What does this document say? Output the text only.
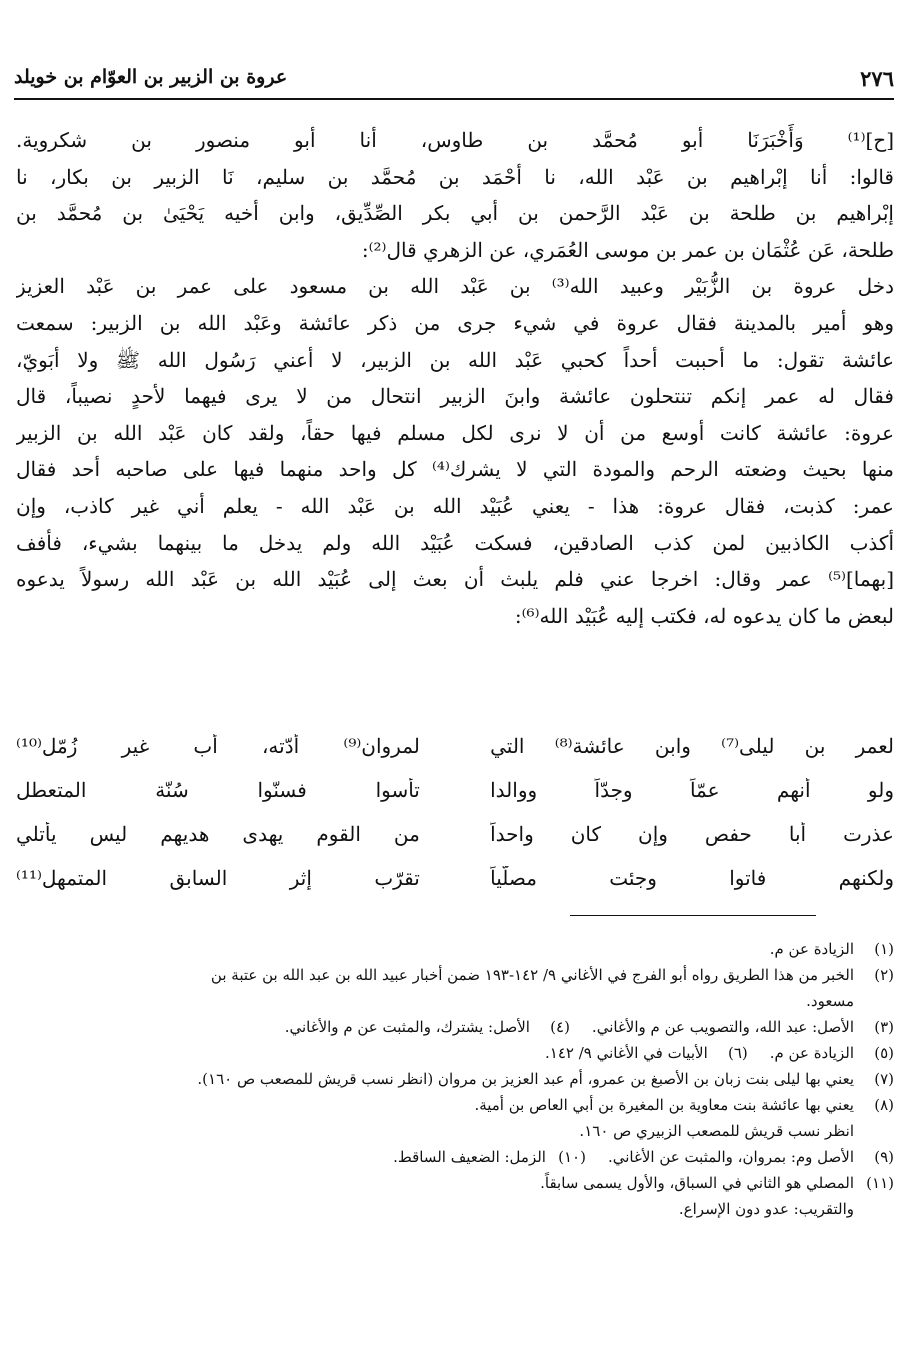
٢٧٦
عروة بن الزبير بن العوّام بن خويلد
[ح]⁽¹⁾ وَأَخْبَرَنَا أبو مُحمَّد بن طاوس، أنا أبو منصور بن شكروية.
قالوا: أنا إبْراهيم بن عَبْد الله، نا أحْمَد بن مُحمَّد بن سليم، نَا الزبير بن بكار، نا
إبْراهيم بن طلحة بن عَبْد الرَّحمن بن أبي بكر الصِّدِّيق، وابن أخيه يَحْيَىٰ بن مُحمَّد بن
طلحة، عَن عُثْمَان بن عمر بن موسى العُمَري، عن الزهري قال⁽²⁾:
دخل عروة بن الزُّبَيْر وعبيد الله⁽³⁾ بن عَبْد الله بن مسعود على عمر بن عَبْد العزيز
وهو أمير بالمدينة فقال عروة في شيء جرى من ذكر عائشة وعَبْد الله بن الزبير: سمعت
عائشة تقول: ما أحببت أحداً كحبي عَبْد الله بن الزبير، لا أعني رَسُول الله ﷺ ولا أبَويّ،
فقال له عمر إنكم تنتحلون عائشة وابنَ الزبير انتحال من لا يرى فيهما لأحدٍ نصيباً، قال
عروة: عائشة كانت أوسع من أن لا نرى لكل مسلم فيها حقاً، ولقد كان عَبْد الله بن الزبير
منها بحيث وضعته الرحم والمودة التي لا يشرك⁽⁴⁾ كل واحد منهما فيها على صاحبه أحد فقال
عمر: كذبت، فقال عروة: هذا - يعني عُبَيْد الله بن عَبْد الله - يعلم أني غير كاذب، وإن
أكذب الكاذبين لمن كذب الصادقين، فسكت عُبَيْد الله ولم يدخل ما بينهما بشيء، فأفف
[بهما]⁽⁵⁾ عمر وقال: اخرجا عني فلم يلبث أن بعث إلى عُبَيْد الله بن عَبْد الله رسولاً يدعوه
لبعض ما كان يدعوه له، فكتب إليه عُبَيْد الله⁽⁶⁾:
لعمر بن ليلى⁽⁷⁾ وابن عائشة⁽⁸⁾ التي
لمروان⁽⁹⁾ أدّته، أب غير زُمّل⁽¹⁰⁾
ولو أنهم عمّاً وجدّاً ووالدا
تأسوا فسنّوا سُنّة المتعطل
عذرت أبا حفص وإن كان واحداً
من القوم يهدى هديهم ليس يأتلي
ولكنهم فاتوا وجئت مصلّياً
تقرّب إثر السابق المتمهل⁽¹¹⁾
(١)الزيادة عن م.
(٢)الخبر من هذا الطريق رواه أبو الفرج في الأغاني ٩/ ١٤٢-١٩٣ ضمن أخبار عبيد الله بن عبد الله بن عتبة بن
مسعود.
(٣)الأصل: عبد الله، والتصويب عن م والأغاني.(٤)الأصل: يشترك، والمثبت عن م والأغاني.
(٥)الزيادة عن م.(٦)الأبيات في الأغاني ٩/ ١٤٢.
(٧)يعني بها ليلى بنت زبان بن الأصبغ بن عمرو، أم عبد العزيز بن مروان (انظر نسب قريش للمصعب ص ١٦٠).
(٨)يعني بها عائشة بنت معاوية بن المغيرة بن أبي العاص بن أمية.
انظر نسب قريش للمصعب الزبيري ص ١٦٠.
(٩)الأصل وم: بمروان، والمثبت عن الأغاني.(١٠)الزمل: الضعيف الساقط.
(١١)المصلي هو الثاني في السباق، والأول يسمى سابقاً.
والتقريب: عدو دون الإسراع.
